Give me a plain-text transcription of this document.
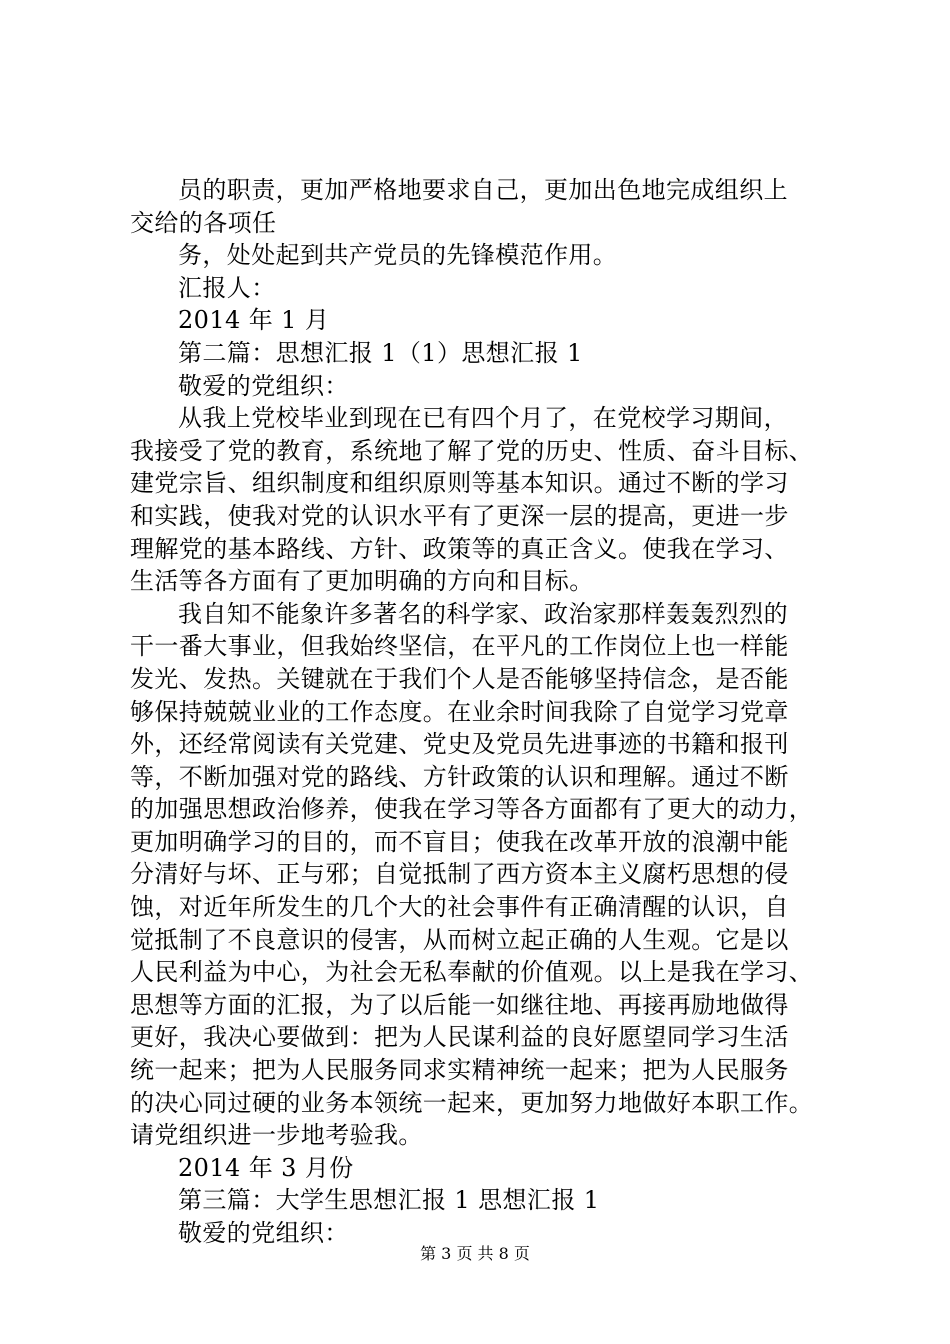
员的职责，更加严格地要求自己，更加出色地完成组织上
交给的各项任
务，处处起到共产党员的先锋模范作用。
汇报人：
2014 年 1 月
第二篇：思想汇报 1（1）思想汇报 1
敬爱的党组织：
从我上党校毕业到现在已有四个月了，在党校学习期间，
我接受了党的教育，系统地了解了党的历史、性质、奋斗目标、
建党宗旨、组织制度和组织原则等基本知识。通过不断的学习
和实践，使我对党的认识水平有了更深一层的提高，更进一步
理解党的基本路线、方针、政策等的真正含义。使我在学习、
生活等各方面有了更加明确的方向和目标。
我自知不能象许多著名的科学家、政治家那样轰轰烈烈的
干一番大事业，但我始终坚信，在平凡的工作岗位上也一样能
发光、发热。关键就在于我们个人是否能够坚持信念，是否能
够保持兢兢业业的工作态度。在业余时间我除了自觉学习党章
外，还经常阅读有关党建、党史及党员先进事迹的书籍和报刊
等，不断加强对党的路线、方针政策的认识和理解。通过不断
的加强思想政治修养，使我在学习等各方面都有了更大的动力，
更加明确学习的目的，而不盲目；使我在改革开放的浪潮中能
分清好与坏、正与邪；自觉抵制了西方资本主义腐朽思想的侵
蚀，对近年所发生的几个大的社会事件有正确清醒的认识，自
觉抵制了不良意识的侵害，从而树立起正确的人生观。它是以
人民利益为中心，为社会无私奉献的价值观。以上是我在学习、
思想等方面的汇报，为了以后能一如继往地、再接再励地做得
更好，我决心要做到：把为人民谋利益的良好愿望同学习生活
统一起来；把为人民服务同求实精神统一起来；把为人民服务
的决心同过硬的业务本领统一起来，更加努力地做好本职工作。
请党组织进一步地考验我。
2014 年 3 月份
第三篇：大学生思想汇报 1 思想汇报 1
敬爱的党组织：
第 3 页 共 8 页
